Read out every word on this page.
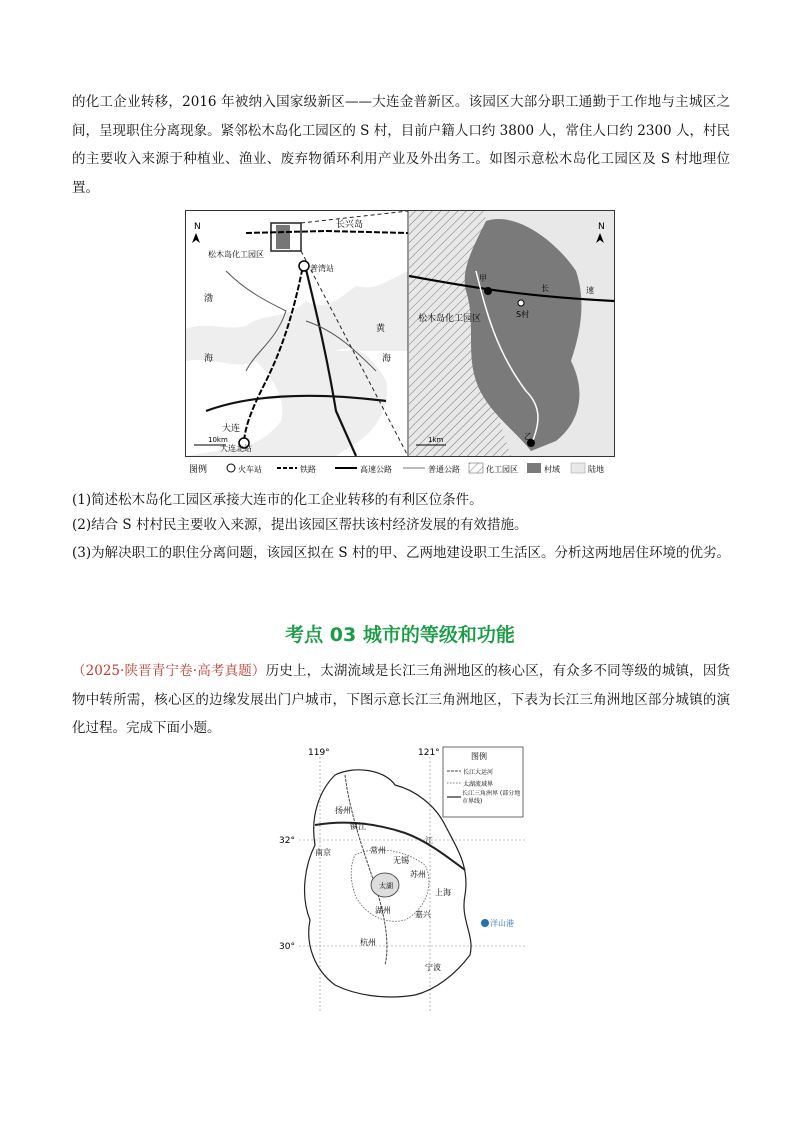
的化工企业转移，2016 年被纳入国家级新区——大连金普新区。该园区大部分职工通勤于工作地与主城区之间，呈现职住分离现象。紧邻松木岛化工园区的 S 村，目前户籍人口约 3800 人，常住人口约 2300 人，村民的主要收入来源于种植业、渔业、废弃物循环利用产业及外出务工。如图示意松木岛化工园区及 S 村地理位置。

N	长兴岛
松木岛化工园区
普湾站
大连北站
大连
渤
海
黄
海
10km
甲
乙
S村
松木岛化工园区
长	速
N
1km
图例	火车站	铁路	高速公路	普通公路	化工园区	村域	陆地
(1)简述松木岛化工园区承接大连市的化工企业转移的有利区位条件。
(2)结合 S 村村民主要收入来源，提出该园区帮扶该村经济发展的有效措施。
(3)为解决职工的职住分离问题，该园区拟在 S 村的甲、乙两地建设职工生活区。分析这两地居住环境的优劣。
考点 03 城市的等级和功能

（2025·陕晋青宁卷·高考真题）历史上，太湖流域是长江三角洲地区的核心区，有众多不同等级的城镇，因货物中转所需，核心区的边缘发展出门户城市，下图示意长江三角洲地区，下表为长江三角洲地区部分城镇的演化过程。完成下面小题。

119°	121°
32°
30°
扬州
镇江
南京
无锡
苏州
常州
湖州
杭州
嘉兴
宁波
上海
洋山港
太湖
江
图例
长江大运河
太湖流域界
长江三角洲界 (部分地市界线)
